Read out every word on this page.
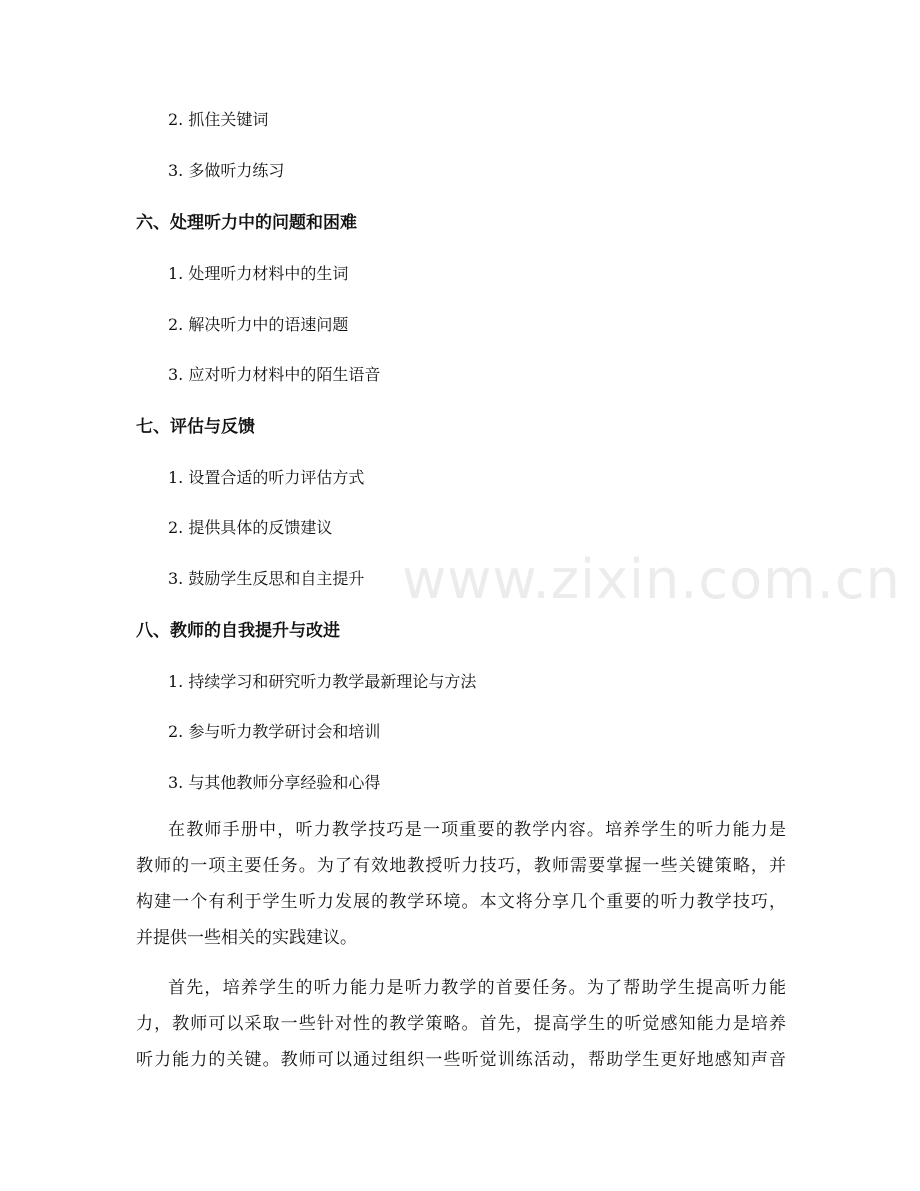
www.zixin.com.cn
2. 抓住关键词
3. 多做听力练习
六、处理听力中的问题和困难
1. 处理听力材料中的生词
2. 解决听力中的语速问题
3. 应对听力材料中的陌生语音
七、评估与反馈
1. 设置合适的听力评估方式
2. 提供具体的反馈建议
3. 鼓励学生反思和自主提升
八、教师的自我提升与改进
1. 持续学习和研究听力教学最新理论与方法
2. 参与听力教学研讨会和培训
3. 与其他教师分享经验和心得
在教师手册中，听力教学技巧是一项重要的教学内容。培养学生的听力能力是
教师的一项主要任务。为了有效地教授听力技巧，教师需要掌握一些关键策略，并
构建一个有利于学生听力发展的教学环境。本文将分享几个重要的听力教学技巧，
并提供一些相关的实践建议。
首先，培养学生的听力能力是听力教学的首要任务。为了帮助学生提高听力能
力，教师可以采取一些针对性的教学策略。首先，提高学生的听觉感知能力是培养
听力能力的关键。教师可以通过组织一些听觉训练活动，帮助学生更好地感知声音
